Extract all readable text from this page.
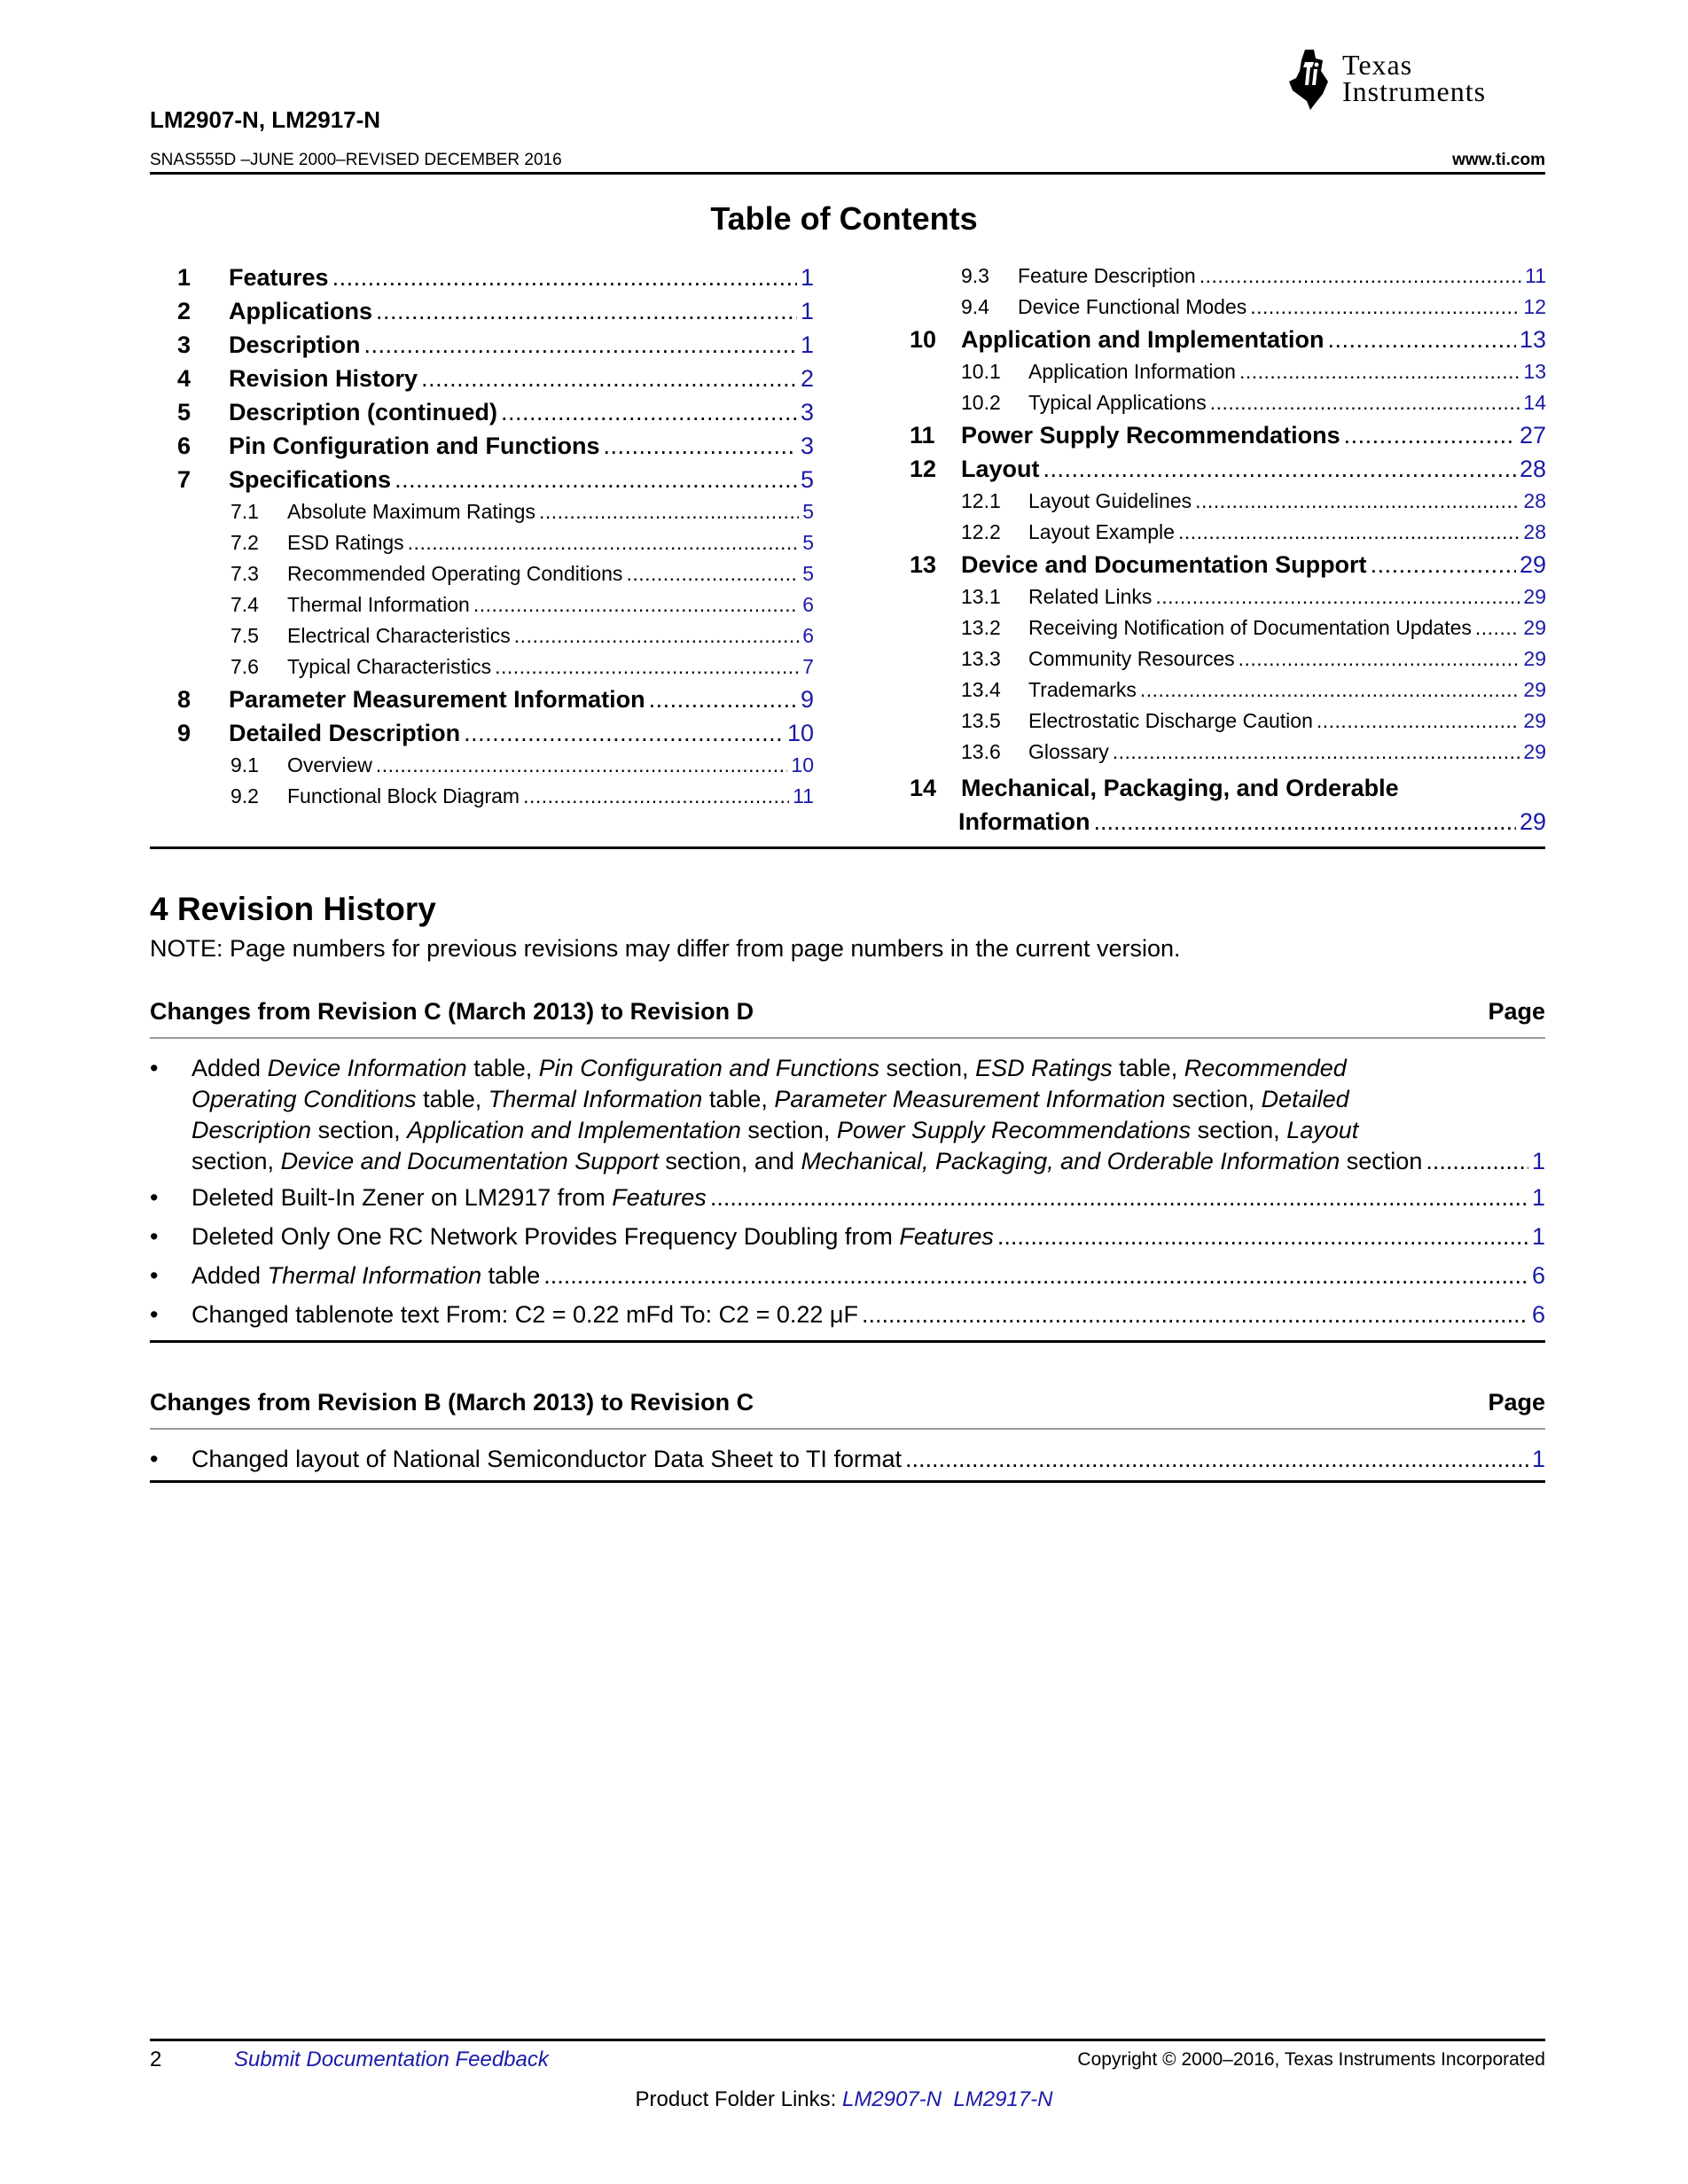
LM2907-N, LM2917-N
SNAS555D –JUNE 2000–REVISED DECEMBER 2016	www.ti.com
Texas
Instruments
Table of Contents
1	Features .....	1
2	Applications .....	1
3	Description .....	1
4	Revision History .....	2
5	Description (continued) .....	3
6	Pin Configuration and Functions .....	3
7	Specifications .....	5
7.1	Absolute Maximum Ratings .....	5
7.2	ESD Ratings .....	5
7.3	Recommended Operating Conditions .....	5
7.4	Thermal Information .....	6
7.5	Electrical Characteristics .....	6
7.6	Typical Characteristics .....	7
8	Parameter Measurement Information .....	9
9	Detailed Description .....	10
9.1	Overview .....	10
9.2	Functional Block Diagram .....	11
9.3	Feature Description .....	11
9.4	Device Functional Modes .....	12
10	Application and Implementation .....	13
10.1	Application Information .....	13
10.2	Typical Applications .....	14
11	Power Supply Recommendations .....	27
12	Layout .....	28
12.1	Layout Guidelines .....	28
12.2	Layout Example .....	28
13	Device and Documentation Support .....	29
13.1	Related Links .....	29
13.2	Receiving Notification of Documentation Updates .....	29
13.3	Community Resources .....	29
13.4	Trademarks .....	29
13.5	Electrostatic Discharge Caution .....	29
13.6	Glossary .....	29
14 Mechanical, Packaging, and Orderable
Information .....	29
4 Revision History
NOTE: Page numbers for previous revisions may differ from page numbers in the current version.
Changes from Revision C (March 2013) to Revision D	Page
• Added Device Information table, Pin Configuration and Functions section, ESD Ratings table, Recommended
Operating Conditions table, Thermal Information table, Parameter Measurement Information section, Detailed
Description section, Application and Implementation section, Power Supply Recommendations section, Layout
section, Device and Documentation Support section, and Mechanical, Packaging, and Orderable Information section .....	1
• Deleted Built-In Zener on LM2917 from Features .....	1
• Deleted Only One RC Network Provides Frequency Doubling from Features .....	1
• Added Thermal Information table .....	6
• Changed tablenote text From: C2 = 0.22 mFd To: C2 = 0.22 μF .....	6
Changes from Revision B (March 2013) to Revision C	Page
• Changed layout of National Semiconductor Data Sheet to TI format .....	1
2	Submit Documentation Feedback	Copyright © 2000–2016, Texas Instruments Incorporated
Product Folder Links: LM2907-N LM2917-N
